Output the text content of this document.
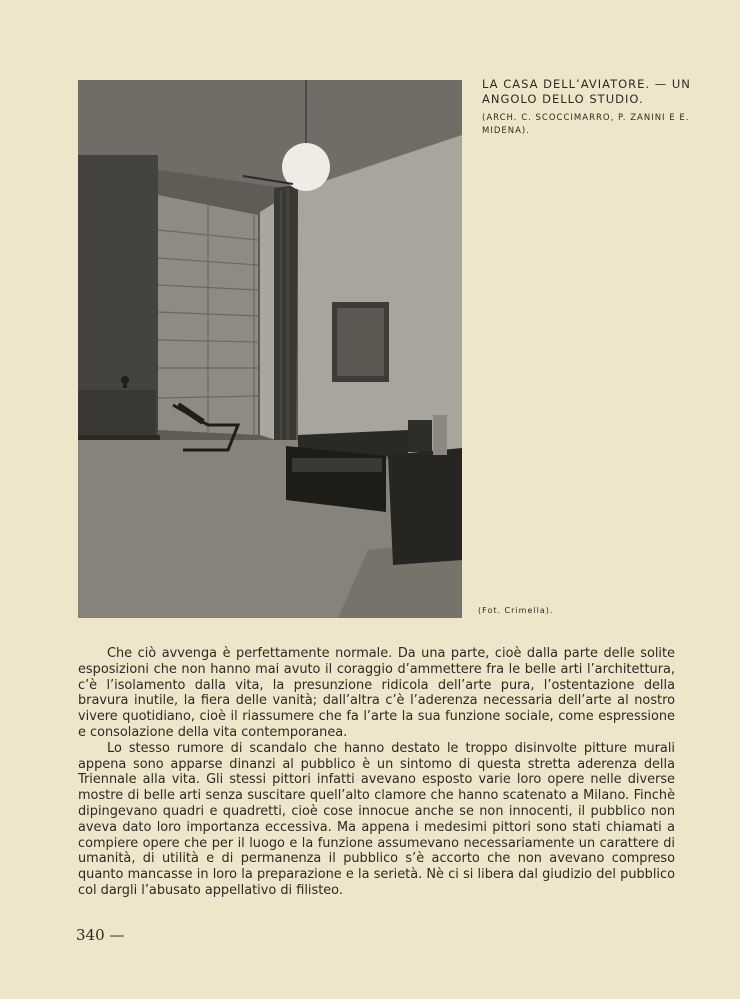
LA CASA DELL’AVIATORE. — UN ANGOLO DELLO STUDIO.
(ARCH. C. SCOCCIMARRO, P. ZANINI E E. MIDENA).
(Fot. Crimella).

Che ciò avvenga è perfettamente normale. Da una parte, cioè dalla parte delle solite esposizioni che non hanno mai avuto il coraggio d’ammettere fra le belle arti l’architettura, c’è l’isolamento dalla vita, la presunzione ridicola dell’arte pura, l’ostentazione della bravura inutile, la fiera delle vanità; dall’altra c’è l’aderenza necessaria dell’arte al nostro vivere quotidiano, cioè il riassumere che fa l’arte la sua funzione sociale, come espressione e consolazione della vita contemporanea.

Lo stesso rumore di scandalo che hanno destato le troppo disinvolte pitture murali appena sono apparse dinanzi al pubblico è un sintomo di questa stretta aderenza della Triennale alla vita. Gli stessi pittori infatti avevano esposto varie loro opere nelle diverse mostre di belle arti senza suscitare quell’alto clamore che hanno scatenato a Milano. Finchè dipingevano quadri e quadretti, cioè cose innocue anche se non innocenti, il pubblico non aveva dato loro importanza eccessiva. Ma appena i medesimi pittori sono stati chiamati a compiere opere che per il luogo e la funzione assumevano necessariamente un carattere di umanità, di utilità e di permanenza il pubblico s’è accorto che non avevano compreso quanto mancasse in loro la preparazione e la serietà. Nè ci si libera dal giudizio del pubblico col dargli l’abusato appellativo di filisteo.

340 —
